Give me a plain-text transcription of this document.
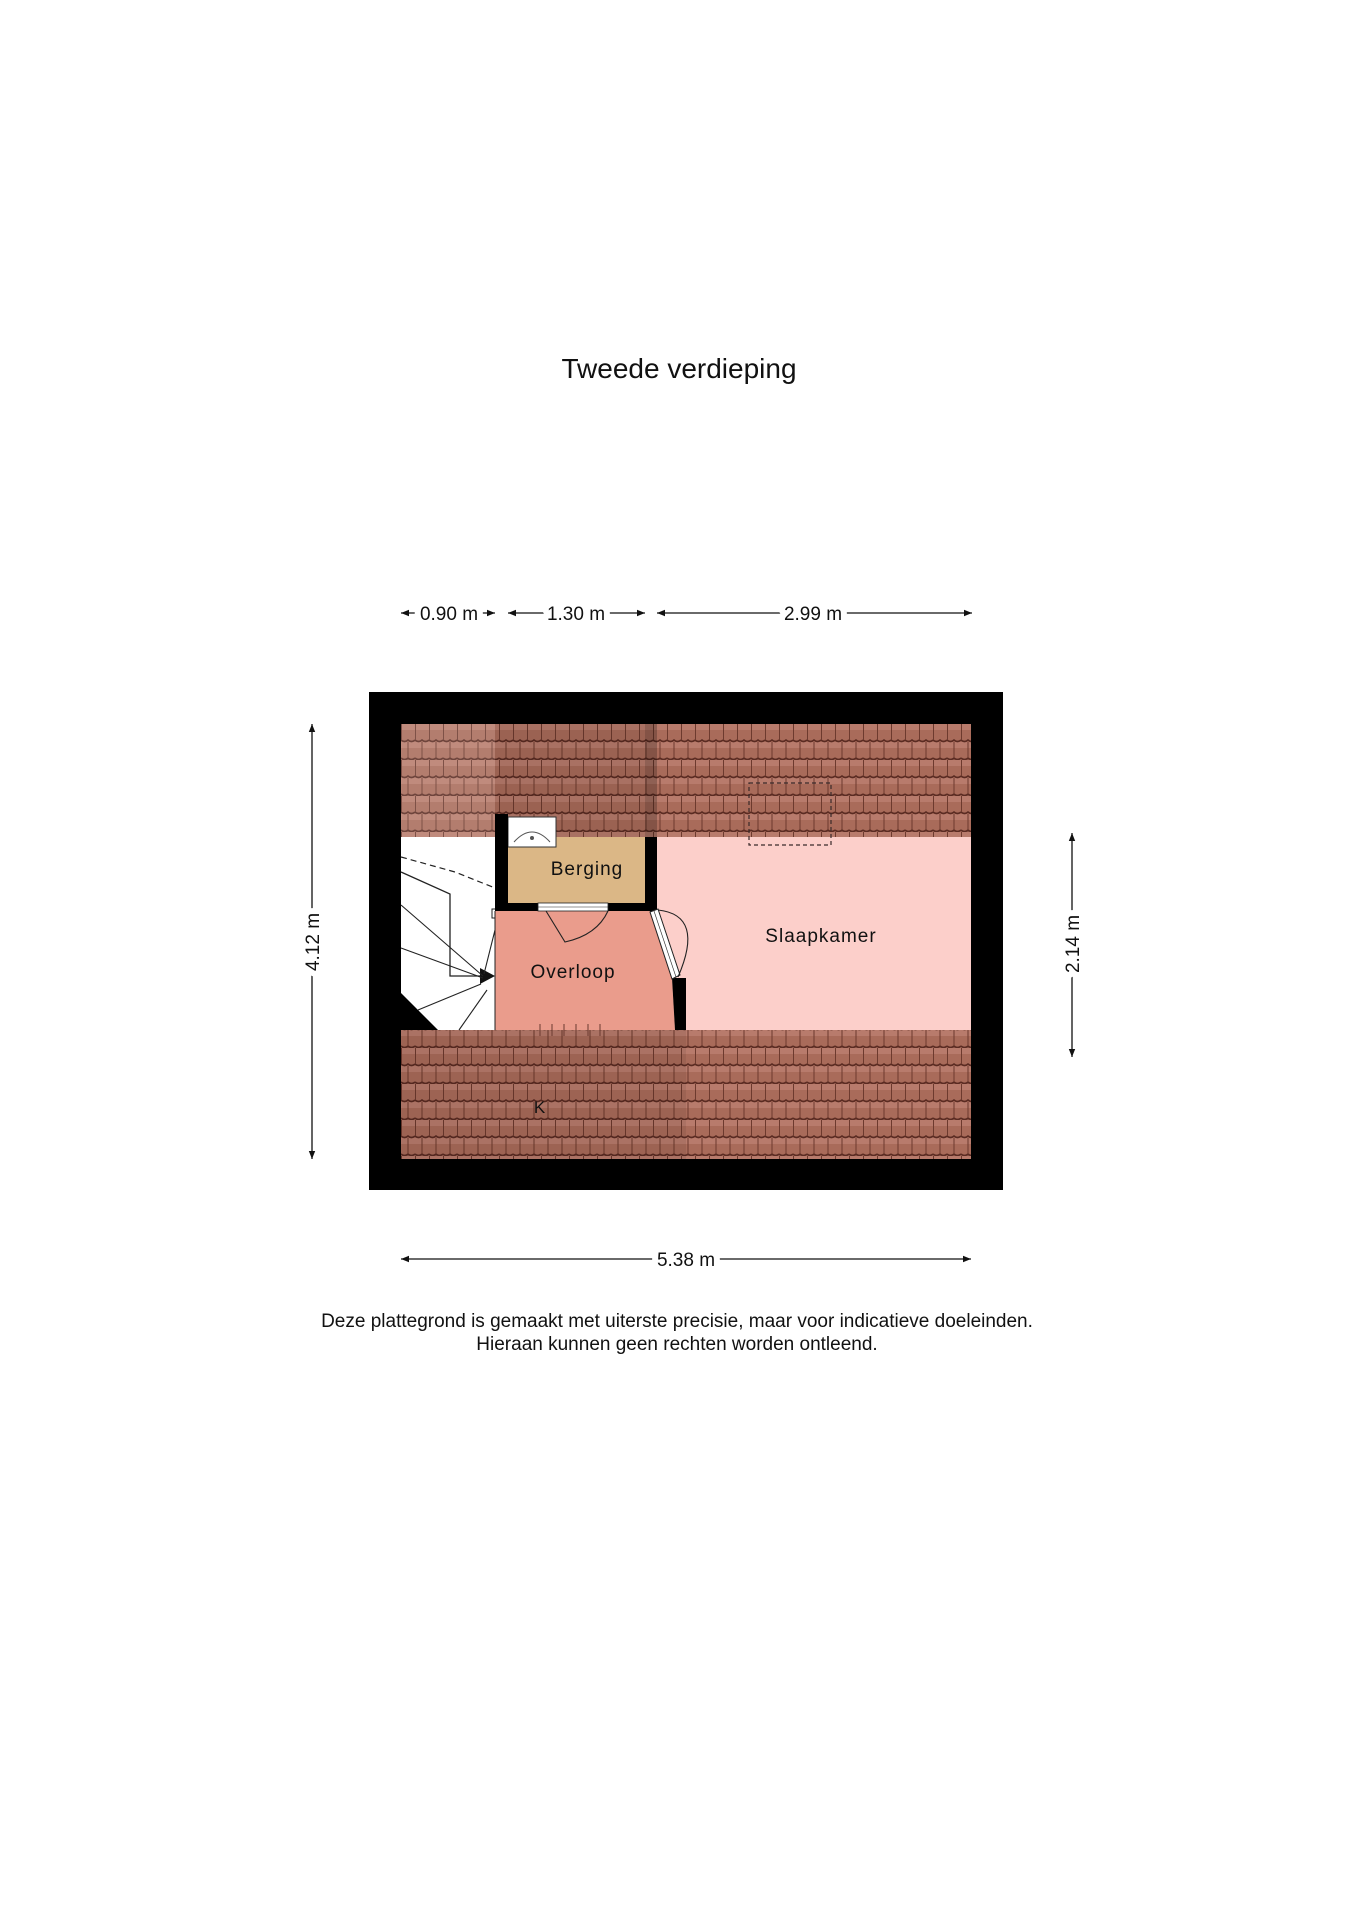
Tweede verdieping
0.90 m	1.30 m	2.99 m
4.12 m	2.14 m
Berging
Overloop
Slaapkamer
K
5.38 m
Deze plattegrond is gemaakt met uiterste precisie, maar voor indicatieve doeleinden.
Hieraan kunnen geen rechten worden ontleend.
